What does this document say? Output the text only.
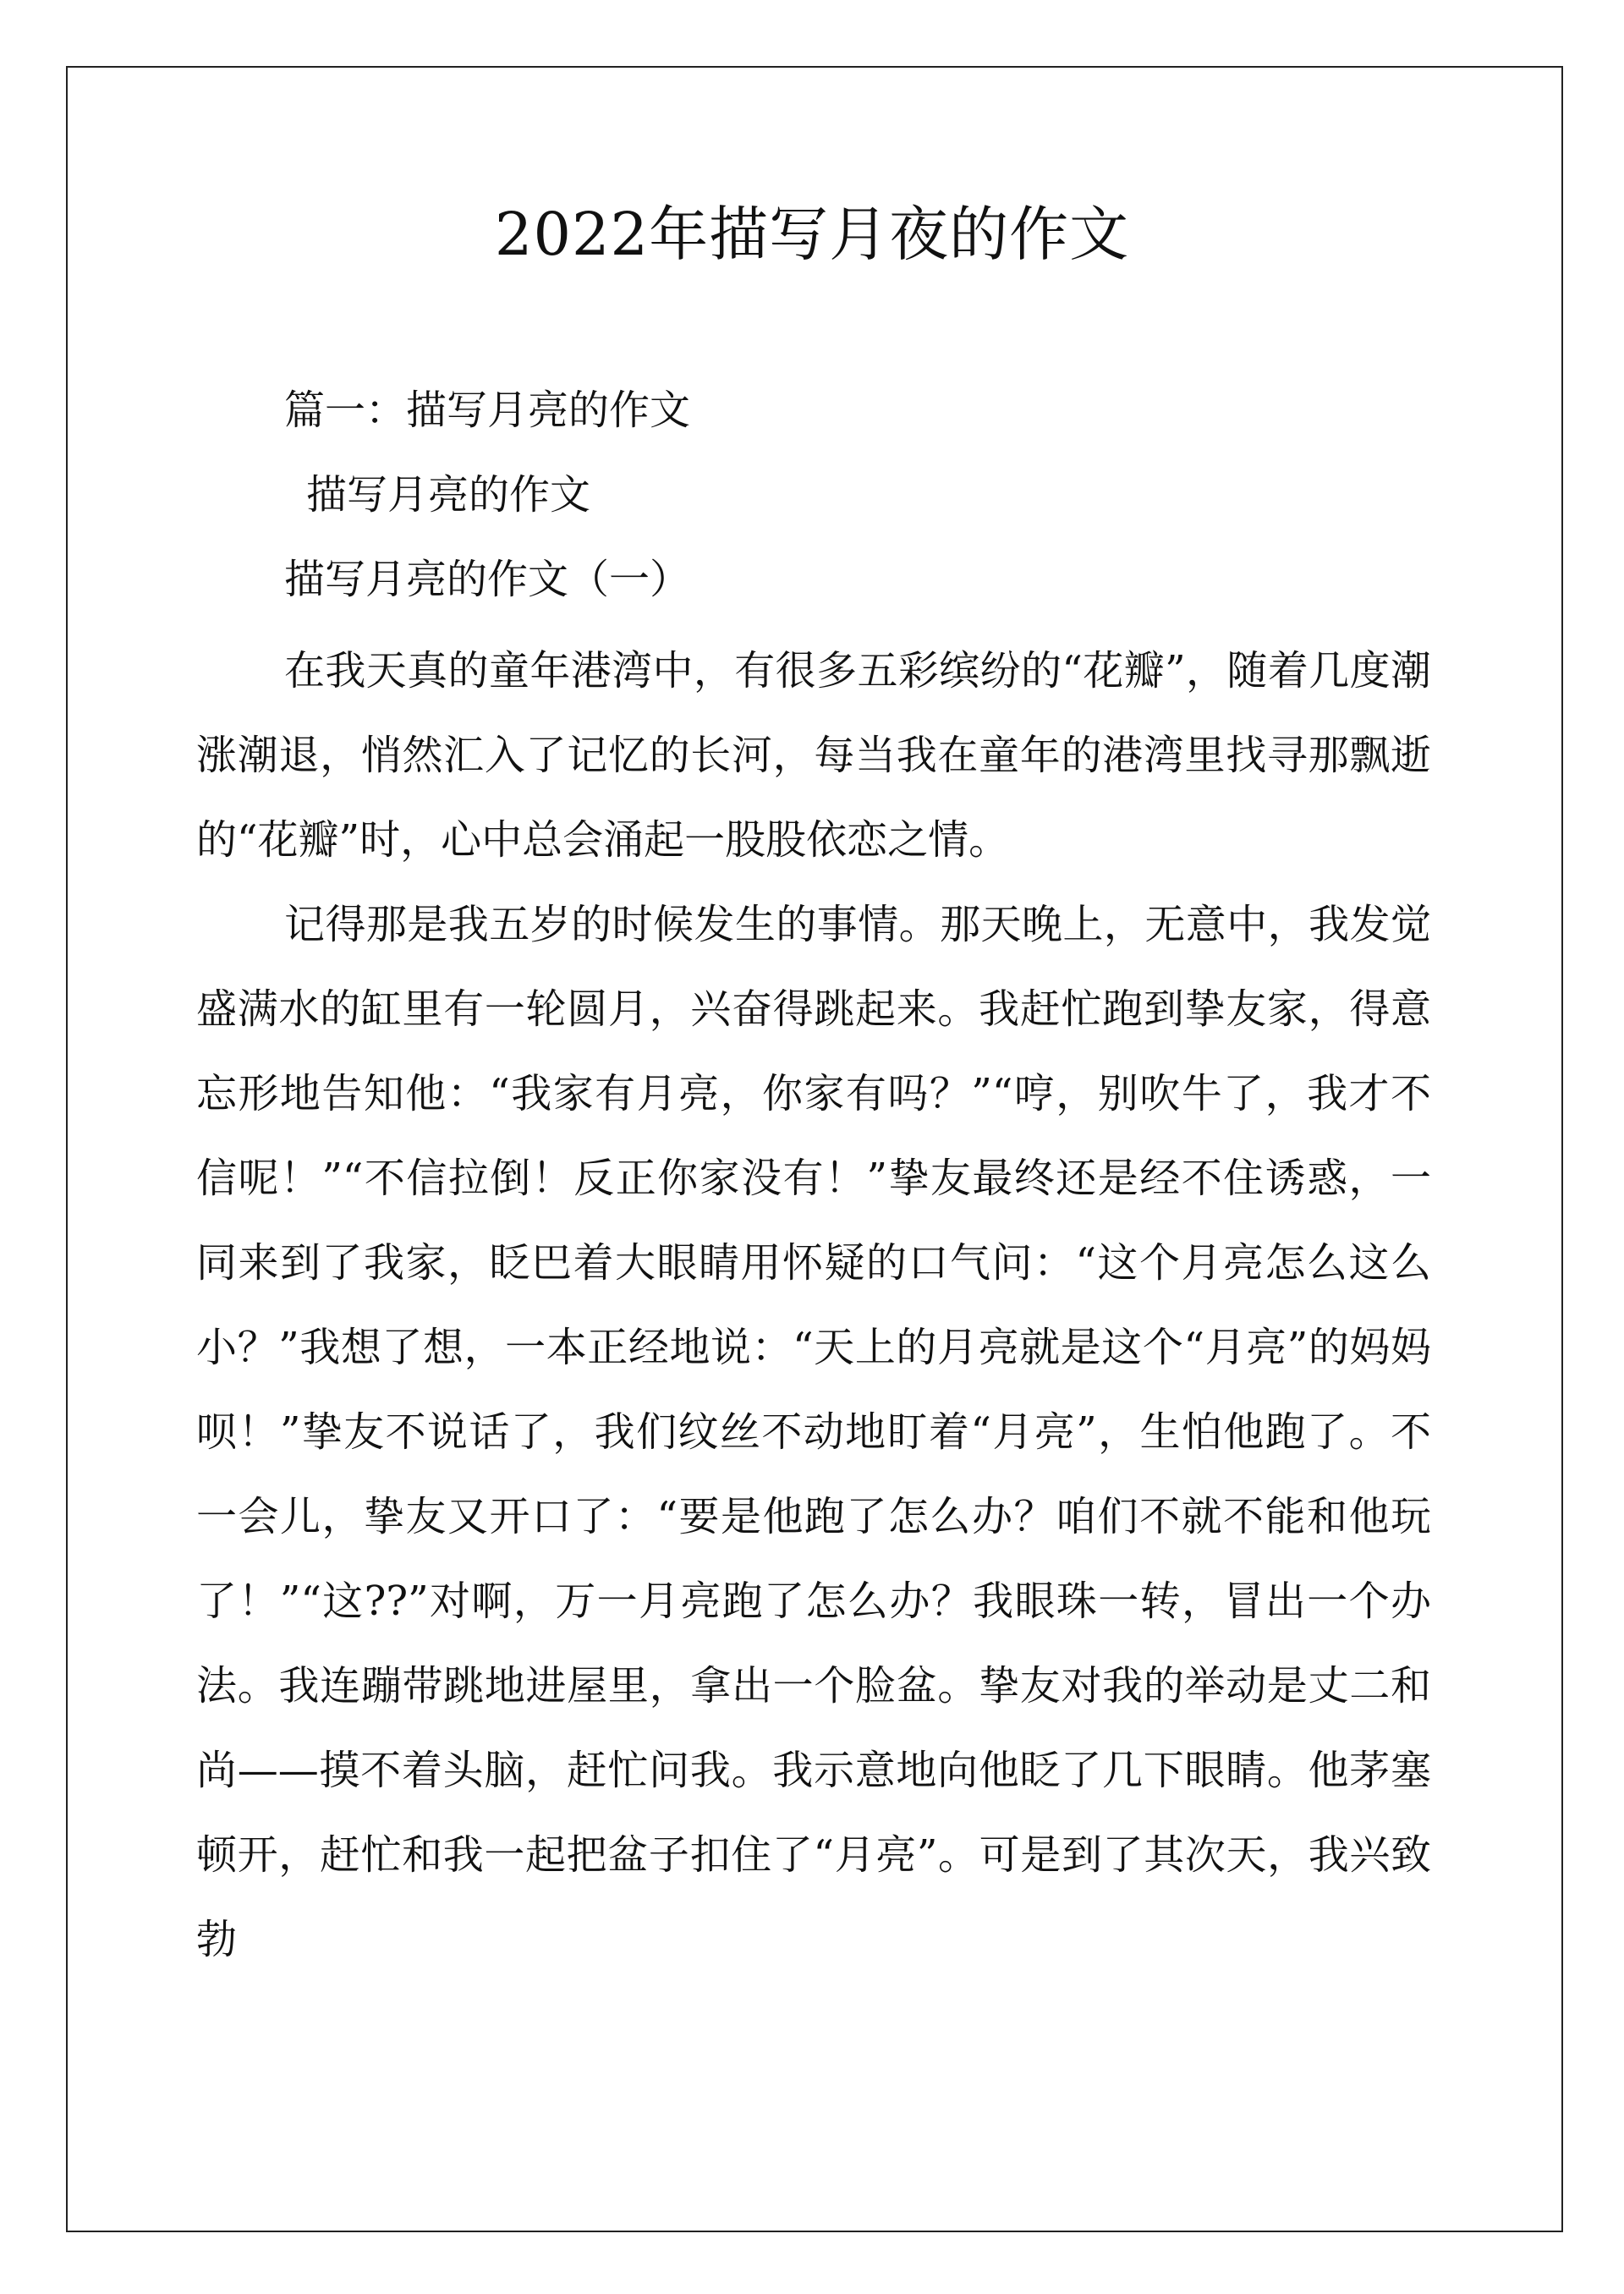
2022年描写月夜的作文
篇一：描写月亮的作文
描写月亮的作文
描写月亮的作文（一）
在我天真的童年港湾中，有很多五彩缤纷的“花瓣”，随着几度潮涨潮退，悄然汇入了记忆的长河，每当我在童年的港湾里找寻那飘逝的“花瓣”时，心中总会涌起一股股依恋之情。
记得那是我五岁的时候发生的事情。那天晚上，无意中，我发觉盛满水的缸里有一轮圆月，兴奋得跳起来。我赶忙跑到挚友家，得意忘形地告知他：“我家有月亮，你家有吗？”“哼，别吹牛了，我才不信呢！”“不信拉倒！反正你家没有！”挚友最终还是经不住诱惑，一同来到了我家，眨巴着大眼睛用怀疑的口气问：“这个月亮怎么这么小？”我想了想，一本正经地说：“天上的月亮就是这个“月亮”的妈妈呗！”挚友不说话了，我们纹丝不动地盯着“月亮”，生怕他跑了。不一会儿，挚友又开口了：“要是他跑了怎么办？咱们不就不能和他玩了！”“这??”对啊，万一月亮跑了怎么办？我眼珠一转，冒出一个办法。我连蹦带跳地进屋里，拿出一个脸盆。挚友对我的举动是丈二和尚——摸不着头脑，赶忙问我。我示意地向他眨了几下眼睛。他茅塞顿开，赶忙和我一起把盆子扣住了“月亮”。可是到了其次天，我兴致勃
